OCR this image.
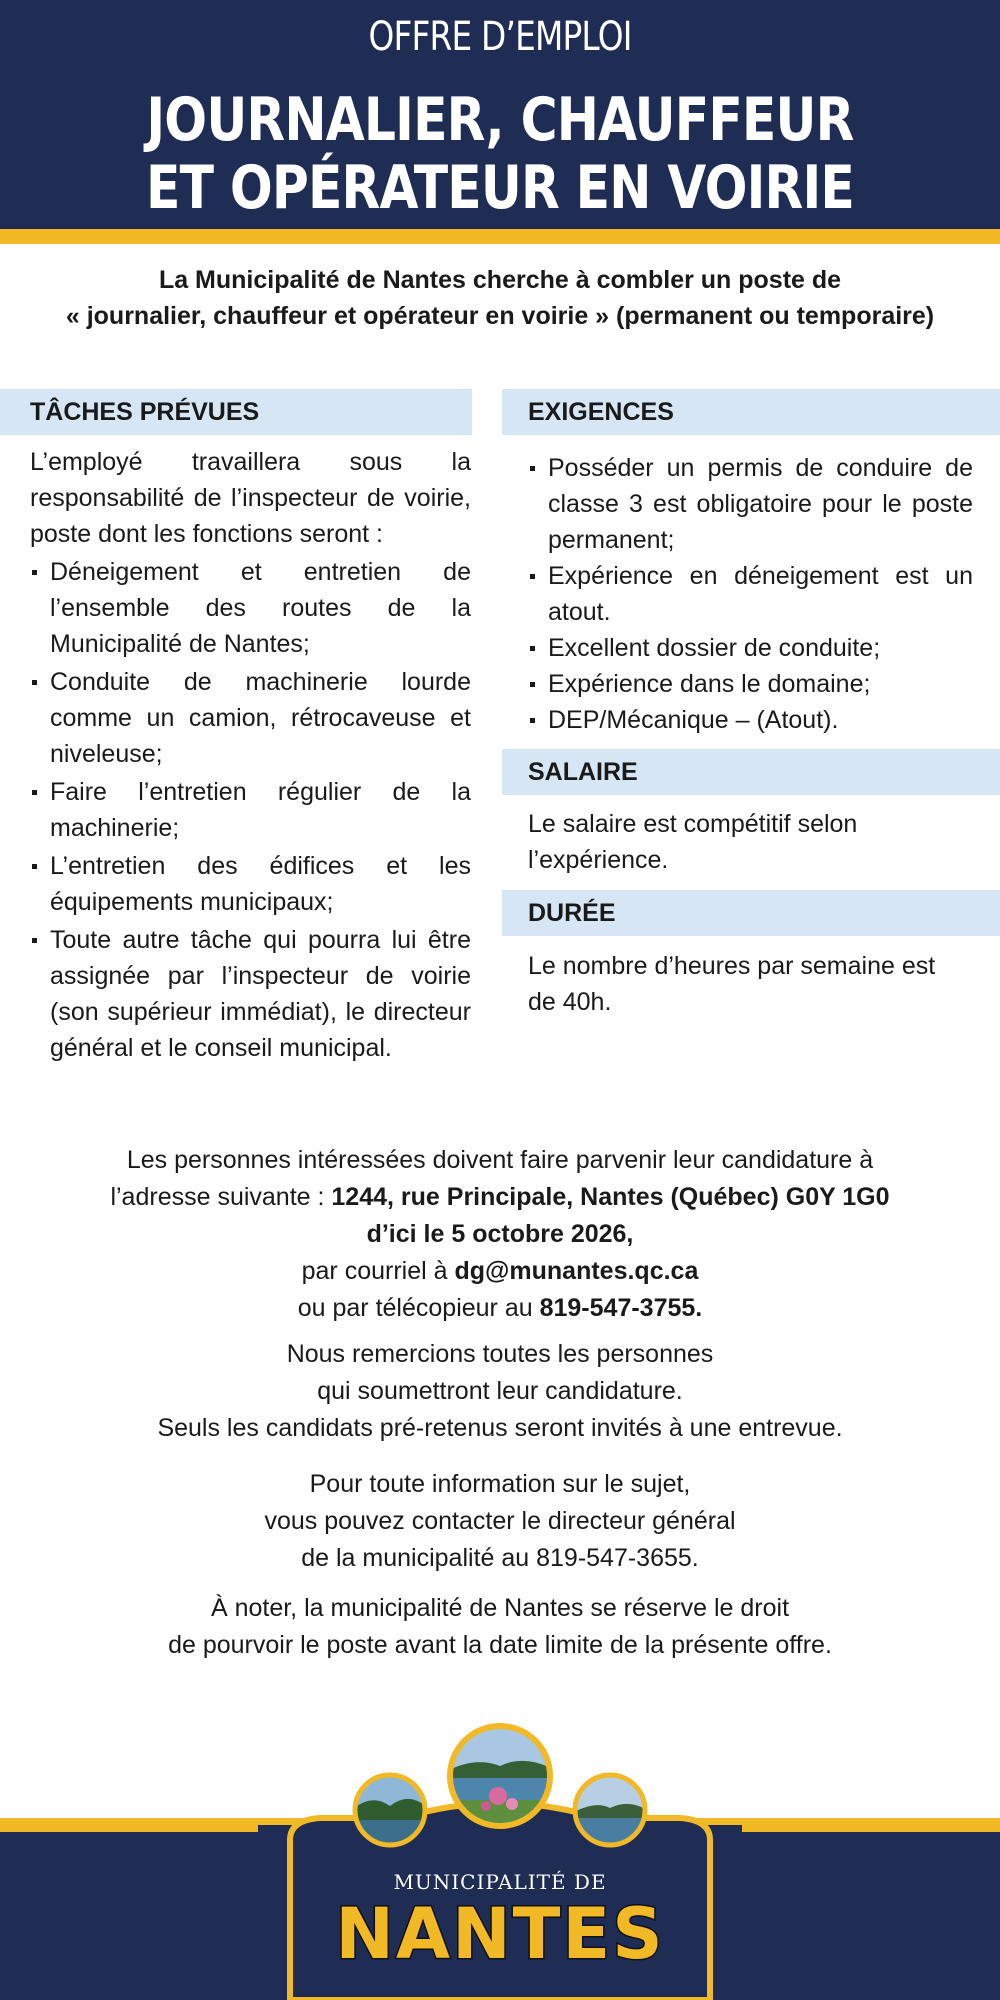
OFFRE D’EMPLOI
JOURNALIER, CHAUFFEUR
ET OPÉRATEUR EN VOIRIE
La Municipalité de Nantes cherche à combler un poste de
« journalier, chauffeur et opérateur en voirie » (permanent ou temporaire)
TÂCHES PRÉVUES	EXIGENCES
SALAIRE
DURÉE

L’employé travaillera sous la responsabilité de l’inspecteur de voirie, poste dont les fonctions seront :

Déneigement et entretien de l’ensemble des routes de la Municipalité de Nantes;
Conduite de machinerie lourde comme un camion, rétrocaveuse et niveleuse;
Faire l’entretien régulier de la machinerie;
L’entretien des édifices et les équipements municipaux;
Toute autre tâche qui pourra lui être assignée par l’inspecteur de voirie (son supérieur immédiat), le directeur général et le conseil municipal.
Posséder un permis de conduire de classe 3 est obligatoire pour le poste permanent;
Expérience en déneigement est un atout.
Excellent dossier de conduite;
Expérience dans le domaine;
DEP/Mécanique – (Atout).
Le salaire est compétitif selon l’expérience.
Le nombre d’heures par semaine est de 40h.
Les personnes intéressées doivent faire parvenir leur candidature à
l’adresse suivante : 1244, rue Principale, Nantes (Québec) G0Y 1G0
d’ici le 5 octobre 2026,
par courriel à dg@munantes.qc.ca
ou par télécopieur au 819-547-3755.
Nous remercions toutes les personnes
qui soumettront leur candidature.
Seuls les candidats pré-retenus seront invités à une entrevue.
Pour toute information sur le sujet,
vous pouvez contacter le directeur général
de la municipalité au 819-547-3655.
À noter, la municipalité de Nantes se réserve le droit
de pourvoir le poste avant la date limite de la présente offre.
MUNICIPALITÉ DE
NANTES
